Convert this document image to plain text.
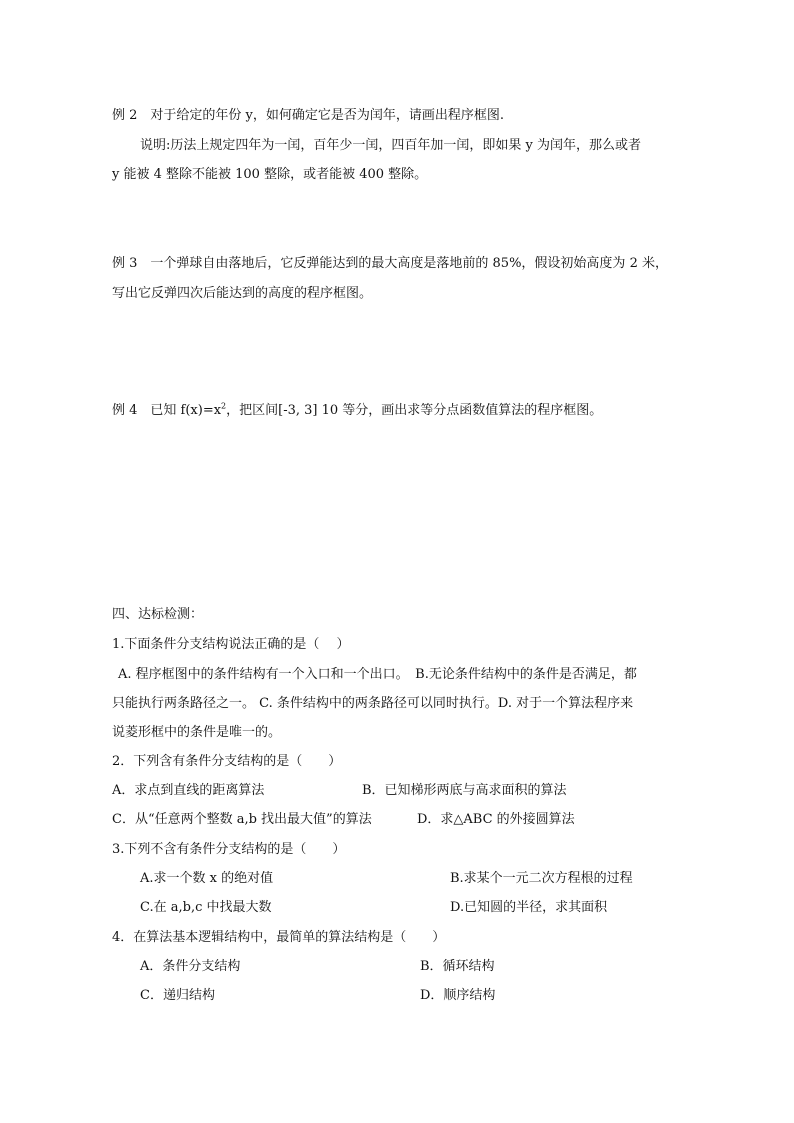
例 2　对于给定的年份 y，如何确定它是否为闰年，请画出程序框图.
说明:历法上规定四年为一闰，百年少一闰，四百年加一闰，即如果 y 为闰年，那么或者
y 能被 4 整除不能被 100 整除，或者能被 400 整除。
例 3　一个弹球自由落地后，它反弹能达到的最大高度是落地前的 85%，假设初始高度为 2 米，
写出它反弹四次后能达到的高度的程序框图。
例 4　已知 $f(x)=x^2$，把区间[-3, 3] 10 等分，画出求等分点函数值算法的程序框图。
四、达标检测：
1.下面条件分支结构说法正确的是（　 ）
A. 程序框图中的条件结构有一个入口和一个出口。　B.无论条件结构中的条件是否满足，都
只能执行两条路径之一。 C. 条件结构中的两条路径可以同时执行。D. 对于一个算法程序来
说菱形框中的条件是唯一的。
2．下列含有条件分支结构的是（　　）
A．求点到直线的距离算法	B．已知梯形两底与高求面积的算法
C．从“任意两个整数 a,b 找出最大值”的算法	D．求△ABC 的外接圆算法
3.下列不含有条件分支结构的是（　　）
A.求一个数 x 的绝对值	B.求某个一元二次方程根的过程
C.在 a,b,c 中找最大数	D.已知圆的半径，求其面积
4．在算法基本逻辑结构中，最简单的算法结构是（　　）
A．条件分支结构	B．循环结构
C．递归结构	D．顺序结构
